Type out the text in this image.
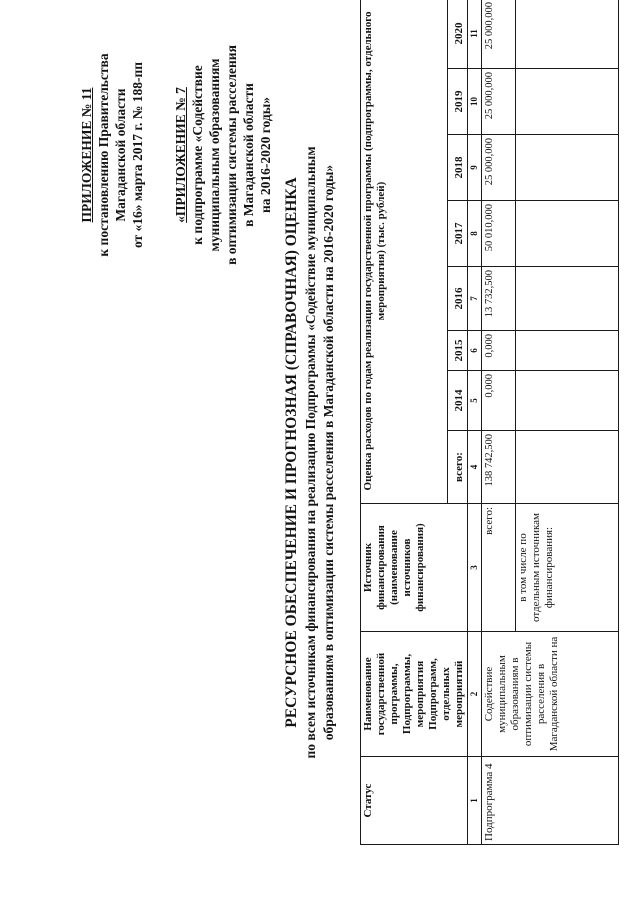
ПРИЛОЖЕНИЕ № 11 к постановлению Правительства Магаданской области от «16» марта 2017 г. № 188-пп «ПРИЛОЖЕНИЕ № 7 к подпрограмме «Содействие муниципальным образованиям в оптимизации системы расселения в Магаданской области на 2016-2020 годы»
РЕСУРСНОЕ ОБЕСПЕЧЕНИЕ И ПРОГНОЗНАЯ (СПРАВОЧНАЯ) ОЦЕНКА по всем источникам финансирования на реализацию Подпрограммы «Содействие муниципальным образованиям в оптимизации системы расселения в Магаданской области на 2016-2020 годы»
Статус	Наименование государственной программы, Подпрограммы, мероприятия Подпрограмм, отдельных мероприятий	Источник финансирования (наименование источников финансирования)	Оценка расходов по годам реализации государственной программы (подпрограммы, отдельного мероприятия) (тыс. рублей)							
			всего:	2014	2015	2016	2017	2018	2019	2020
1	2	3	4	5	6	7	8	9	10	11
Подпрограмма 4	Содействие муниципальным образованиям в оптимизации системы расселения в Магаданской области на	всего:	138 742,500	0,000	0,000	13 732,500	50 010,000	25 000,000	25 000,000	25 000,000
		в том числе по отдельным источникам финансирования:								
